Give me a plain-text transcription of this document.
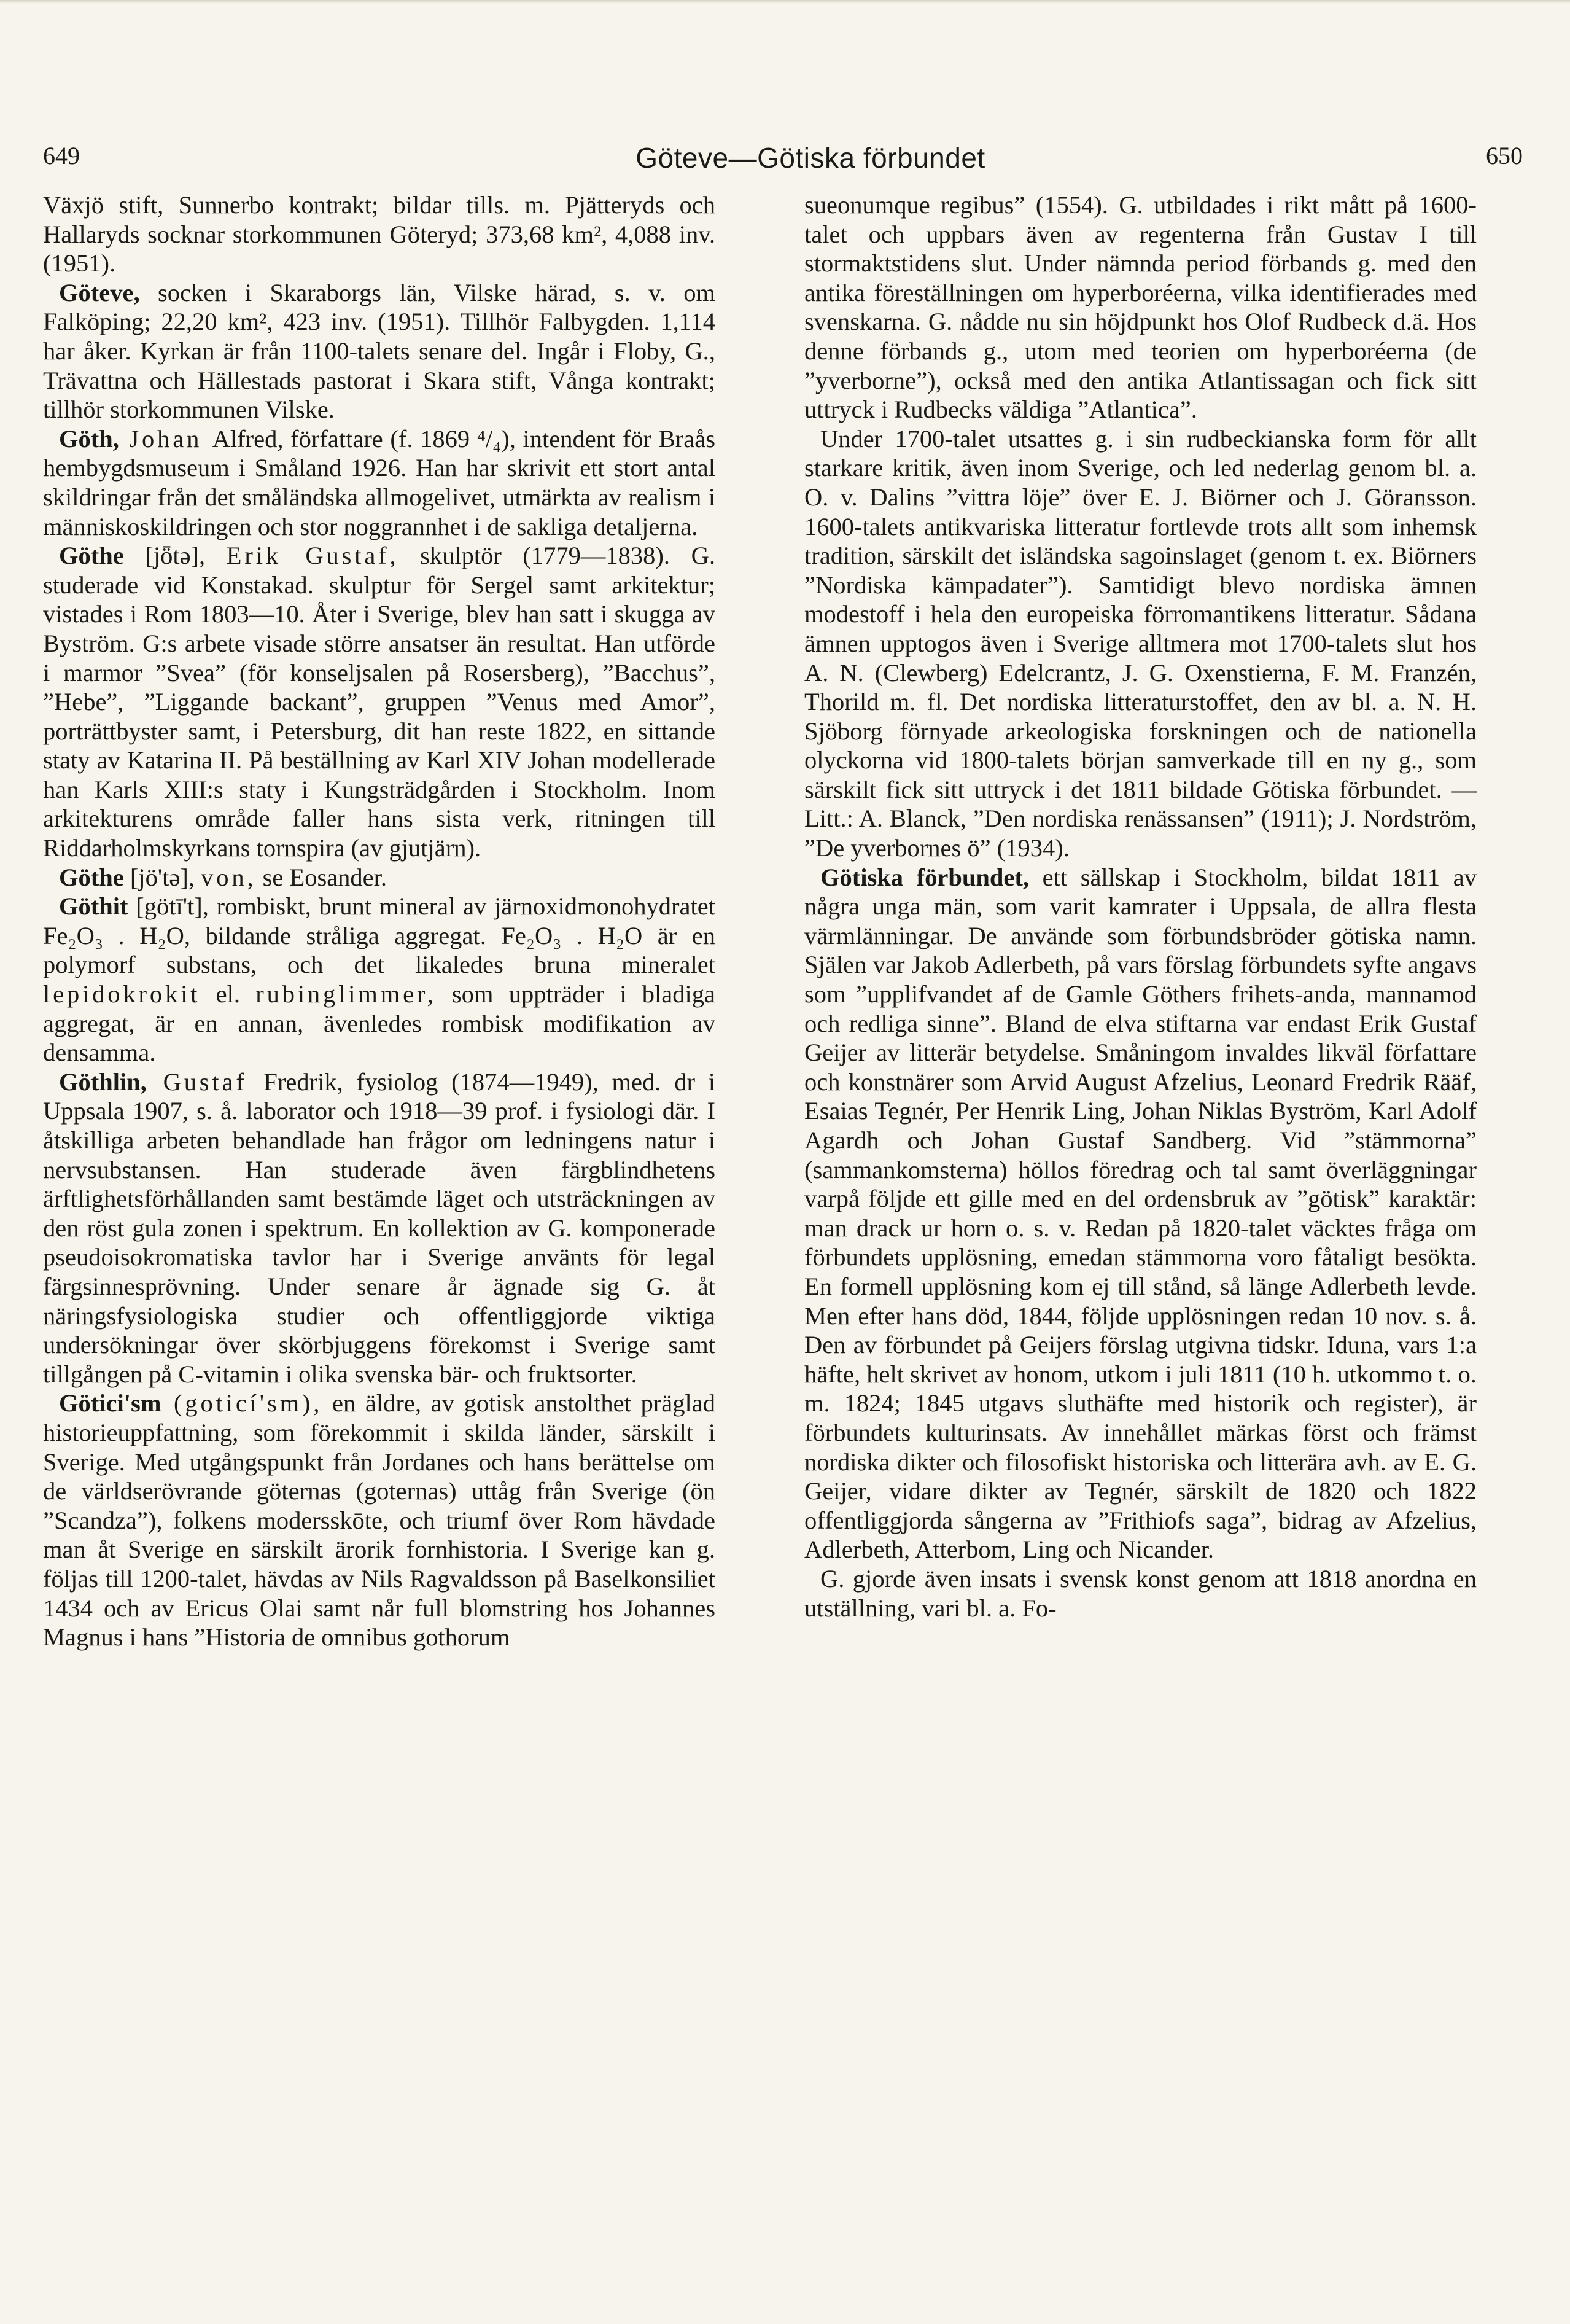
649	Göteve—Götiska förbundet	650

Växjö stift, Sunnerbo kontrakt; bildar tills. m. Pjätteryds och Hallaryds socknar storkommunen Göteryd; 373,68 km², 4,088 inv. (1951).

Göteve, socken i Skaraborgs län, Vilske härad, s. v. om Falköping; 22,20 km², 423 inv. (1951). Tillhör Falbygden. 1,114 har åker. Kyrkan är från 1100-talets senare del. Ingår i Floby, G., Trävattna och Hällestads pastorat i Skara stift, Vånga kontrakt; tillhör storkommunen Vilske.

Göth, Johan Alfred, författare (f. 1869 ⁴/₄), intendent för Braås hembygdsmuseum i Småland 1926. Han har skrivit ett stort antal skildringar från det småländska allmogelivet, utmärkta av realism i människoskildringen och stor noggrannhet i de sakliga detaljerna.

Göthe [jȫtə], Erik Gustaf, skulptör (1779—1838). G. studerade vid Konstakad. skulptur för Sergel samt arkitektur; vistades i Rom 1803—10. Åter i Sverige, blev han satt i skugga av Byström. G:s arbete visade större ansatser än resultat. Han utförde i marmor ”Svea” (för konseljsalen på Rosersberg), ”Bacchus”, ”Hebe”, ”Liggande backant”, gruppen ”Venus med Amor”, porträttbyster samt, i Petersburg, dit han reste 1822, en sittande staty av Katarina II. På beställning av Karl XIV Johan modellerade han Karls XIII:s staty i Kungsträdgården i Stockholm. Inom arkitekturens område faller hans sista verk, ritningen till Riddarholmskyrkans tornspira (av gjutjärn).

Göthe [jö'tə], von, se Eosander.

Göthit [götī't], rombiskt, brunt mineral av järnoxidmonohydratet Fe₂O₃ . H₂O, bildande stråliga aggregat. Fe₂O₃ . H₂O är en polymorf substans, och det likaledes bruna mineralet lepidokrokit el. rubinglimmer, som uppträder i bladiga aggregat, är en annan, ävenledes rombisk modifikation av densamma.

Göthlin, Gustaf Fredrik, fysiolog (1874—1949), med. dr i Uppsala 1907, s. å. laborator och 1918—39 prof. i fysiologi där. I åtskilliga arbeten behandlade han frågor om ledningens natur i nervsubstansen. Han studerade även färgblindhetens ärftlighetsförhållanden samt bestämde läget och utsträckningen av den röst gula zonen i spektrum. En kollektion av G. komponerade pseudoisokromatiska tavlor har i Sverige använts för legal färgsinnesprövning. Under senare år ägnade sig G. åt näringsfysiologiska studier och offentliggjorde viktiga undersökningar över skörbjuggens förekomst i Sverige samt tillgången på C-vitamin i olika svenska bär- och fruktsorter.

Götici'sm (goticí'sm), en äldre, av gotisk anstolthet präglad historieuppfattning, som förekommit i skilda länder, särskilt i Sverige. Med utgångspunkt från Jordanes och hans berättelse om de världserövrande göternas (goternas) uttåg från Sverige (ön ”Scandza”), folkens modersskōte, och triumf över Rom hävdade man åt Sverige en särskilt ärorik fornhistoria. I Sverige kan g. följas till 1200-talet, hävdas av Nils Ragvaldsson på Baselkonsiliet 1434 och av Ericus Olai samt når full blomstring hos Johannes Magnus i hans ”Historia de omnibus gothorum

sueonumque regibus” (1554). G. utbildades i rikt mått på 1600-talet och uppbars även av regenterna från Gustav I till stormaktstidens slut. Under nämnda period förbands g. med den antika föreställningen om hyperboréerna, vilka identifierades med svenskarna. G. nådde nu sin höjdpunkt hos Olof Rudbeck d.ä. Hos denne förbands g., utom med teorien om hyperboréerna (de ”yverborne”), också med den antika Atlantissagan och fick sitt uttryck i Rudbecks väldiga ”Atlantica”.

Under 1700-talet utsattes g. i sin rudbeckianska form för allt starkare kritik, även inom Sverige, och led nederlag genom bl. a. O. v. Dalins ”vittra löje” över E. J. Biörner och J. Göransson. 1600-talets antikvariska litteratur fortlevde trots allt som inhemsk tradition, särskilt det isländska sagoinslaget (genom t. ex. Biörners ”Nordiska kämpadater”). Samtidigt blevo nordiska ämnen modestoff i hela den europeiska förromantikens litteratur. Sådana ämnen upptogos även i Sverige alltmera mot 1700-talets slut hos A. N. (Clewberg) Edelcrantz, J. G. Oxenstierna, F. M. Franzén, Thorild m. fl. Det nordiska litteraturstoffet, den av bl. a. N. H. Sjöborg förnyade arkeologiska forskningen och de nationella olyckorna vid 1800-talets början samverkade till en ny g., som särskilt fick sitt uttryck i det 1811 bildade Götiska förbundet. — Litt.: A. Blanck, ”Den nordiska renässansen” (1911); J. Nordström, ”De yverbornes ö” (1934).

Götiska förbundet, ett sällskap i Stockholm, bildat 1811 av några unga män, som varit kamrater i Uppsala, de allra flesta värmlänningar. De använde som förbundsbröder götiska namn. Själen var Jakob Adlerbeth, på vars förslag förbundets syfte angavs som ”upplifvandet af de Gamle Göthers frihets-anda, mannamod och redliga sinne”. Bland de elva stiftarna var endast Erik Gustaf Geijer av litterär betydelse. Småningom invaldes likväl författare och konstnärer som Arvid August Afzelius, Leonard Fredrik Rääf, Esaias Tegnér, Per Henrik Ling, Johan Niklas Byström, Karl Adolf Agardh och Johan Gustaf Sandberg. Vid ”stämmorna” (sammankomsterna) höllos föredrag och tal samt överläggningar varpå följde ett gille med en del ordensbruk av ”götisk” karaktär: man drack ur horn o. s. v. Redan på 1820-talet väcktes fråga om förbundets upplösning, emedan stämmorna voro fåtaligt besökta. En formell upplösning kom ej till stånd, så länge Adlerbeth levde. Men efter hans död, 1844, följde upplösningen redan 10 nov. s. å. Den av förbundet på Geijers förslag utgivna tidskr. Iduna, vars 1:a häfte, helt skrivet av honom, utkom i juli 1811 (10 h. utkommo t. o. m. 1824; 1845 utgavs sluthäfte med historik och register), är förbundets kulturinsats. Av innehållet märkas först och främst nordiska dikter och filosofiskt historiska och litterära avh. av E. G. Geijer, vidare dikter av Tegnér, särskilt de 1820 och 1822 offentliggjorda sångerna av ”Frithiofs saga”, bidrag av Afzelius, Adlerbeth, Atterbom, Ling och Nicander.

G. gjorde även insats i svensk konst genom att 1818 anordna en utställning, vari bl. a. Fo-
